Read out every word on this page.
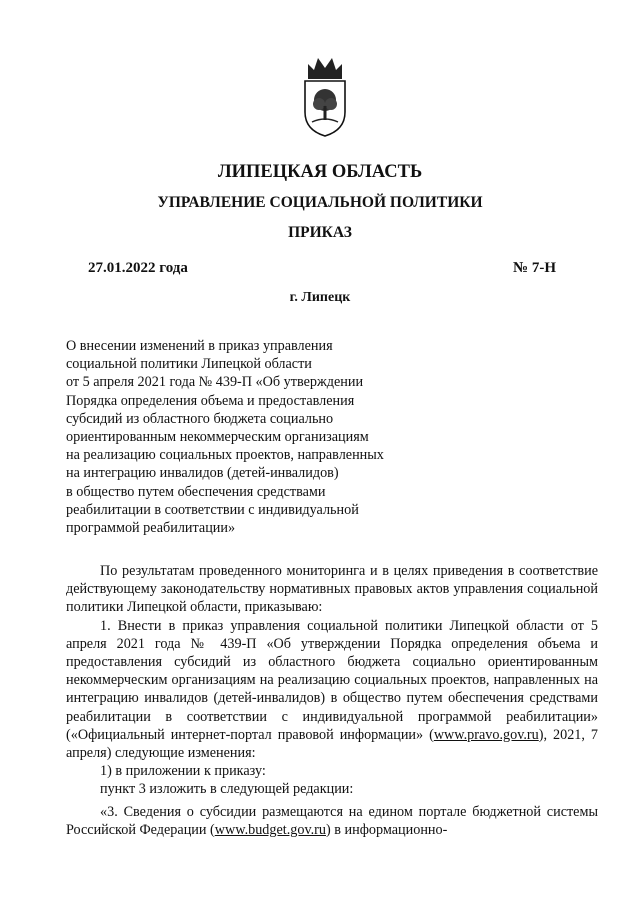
ЛИПЕЦКАЯ ОБЛАСТЬ
УПРАВЛЕНИЕ СОЦИАЛЬНОЙ ПОЛИТИКИ
ПРИКАЗ
27.01.2022 года	№ 7-Н
г. Липецк
О внесении изменений в приказ управления
социальной политики Липецкой области
от 5 апреля 2021 года № 439-П «Об утверждении
Порядка определения объема и предоставления
субсидий из областного бюджета социально
ориентированным некоммерческим организациям
на реализацию социальных проектов, направленных
на интеграцию инвалидов (детей-инвалидов)
в общество путем обеспечения средствами
реабилитации в соответствии с индивидуальной
программой реабилитации»
По результатам проведенного мониторинга и в целях приведения в соответствие действующему законодательству нормативных правовых актов управления социальной политики Липецкой области, приказываю:
1. Внести в приказ управления социальной политики Липецкой области от 5 апреля 2021 года № 439-П «Об утверждении Порядка определения объема и предоставления субсидий из областного бюджета социально ориентированным некоммерческим организациям на реализацию социальных проектов, направленных на интеграцию инвалидов (детей-инвалидов) в общество путем обеспечения средствами реабилитации в соответствии с индивидуальной программой реабилитации» («Официальный интернет-портал правовой информации» (www.pravo.gov.ru), 2021, 7 апреля) следующие изменения:
1) в приложении к приказу:
пункт 3 изложить в следующей редакции:
«3. Сведения о субсидии размещаются на едином портале бюджетной системы Российской Федерации (www.budget.gov.ru) в информационно-
